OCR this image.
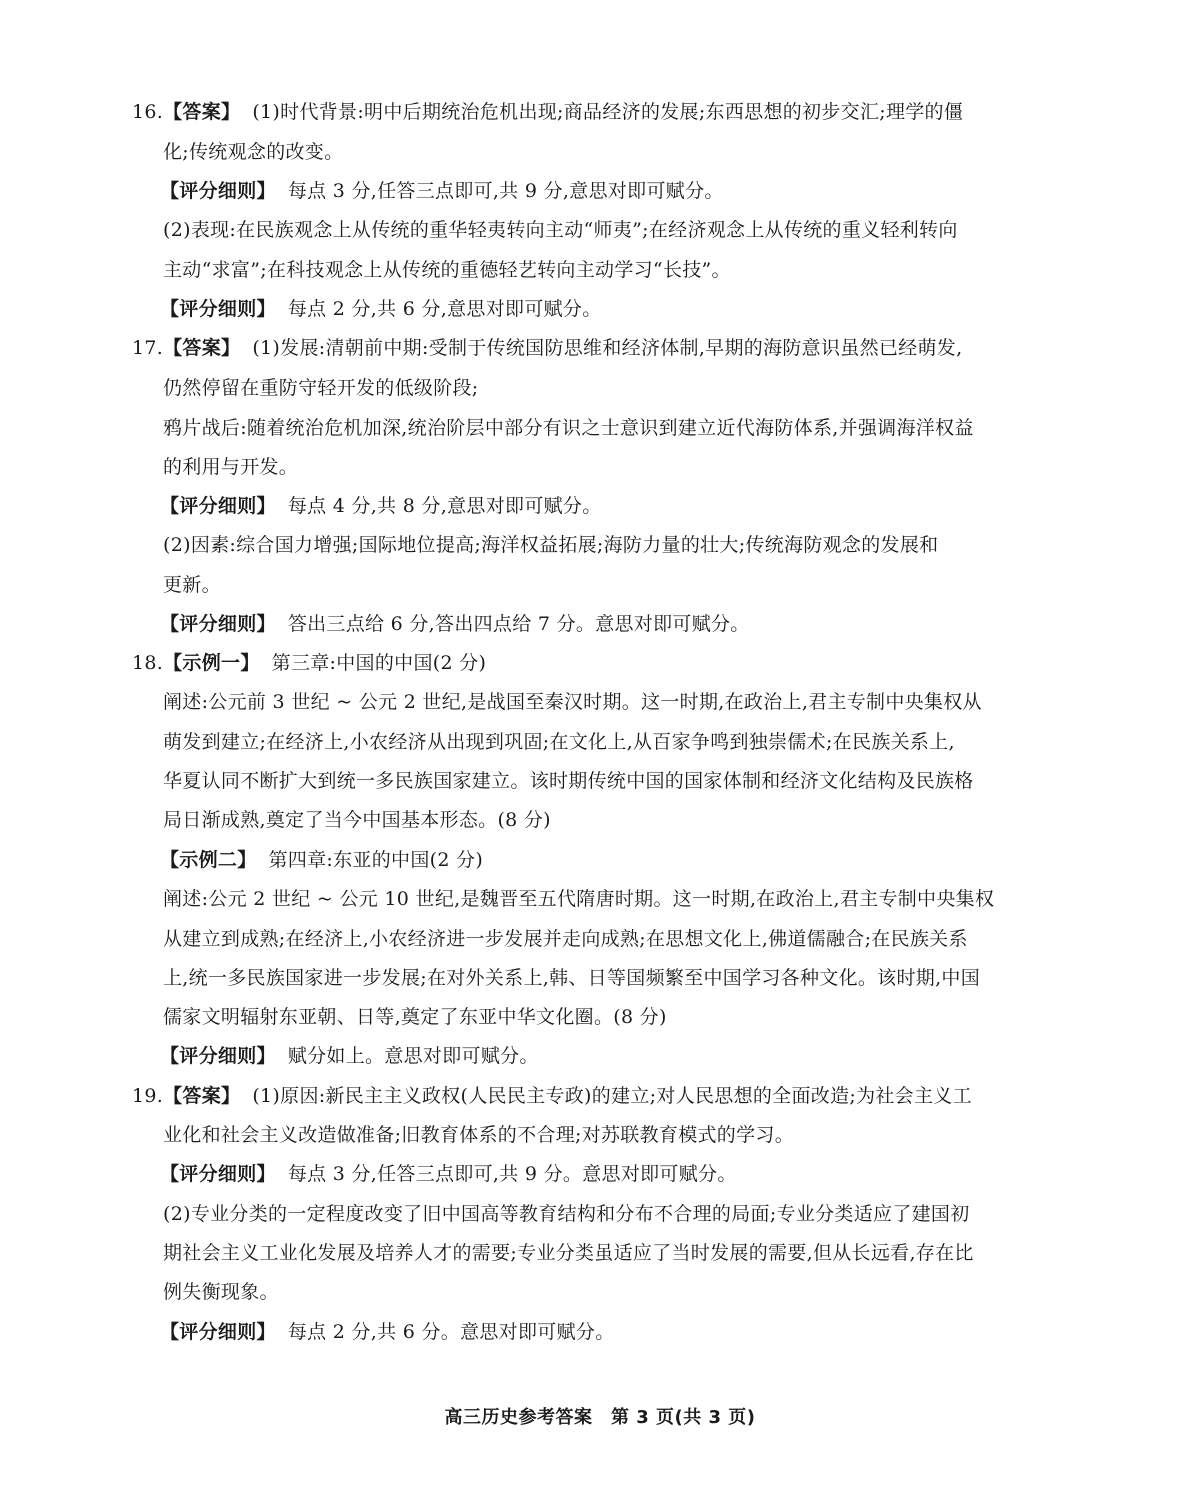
16.【答案】 (1)时代背景:明中后期统治危机出现;商品经济的发展;东西思想的初步交汇;理学的僵
化;传统观念的改变。
【评分细则】 每点 3 分,任答三点即可,共 9 分,意思对即可赋分。
(2)表现:在民族观念上从传统的重华轻夷转向主动“师夷”;在经济观念上从传统的重义轻利转向
主动“求富”;在科技观念上从传统的重德轻艺转向主动学习“长技”。
【评分细则】 每点 2 分,共 6 分,意思对即可赋分。
17.【答案】 (1)发展:清朝前中期:受制于传统国防思维和经济体制,早期的海防意识虽然已经萌发,
仍然停留在重防守轻开发的低级阶段;
鸦片战后:随着统治危机加深,统治阶层中部分有识之士意识到建立近代海防体系,并强调海洋权益
的利用与开发。
【评分细则】 每点 4 分,共 8 分,意思对即可赋分。
(2)因素:综合国力增强;国际地位提高;海洋权益拓展;海防力量的壮大;传统海防观念的发展和
更新。
【评分细则】 答出三点给 6 分,答出四点给 7 分。意思对即可赋分。
18.【示例一】 第三章:中国的中国(2 分)
阐述:公元前 3 世纪 ~ 公元 2 世纪,是战国至秦汉时期。这一时期,在政治上,君主专制中央集权从
萌发到建立;在经济上,小农经济从出现到巩固;在文化上,从百家争鸣到独崇儒术;在民族关系上,
华夏认同不断扩大到统一多民族国家建立。该时期传统中国的国家体制和经济文化结构及民族格
局日渐成熟,奠定了当今中国基本形态。(8 分)
【示例二】 第四章:东亚的中国(2 分)
阐述:公元 2 世纪 ~ 公元 10 世纪,是魏晋至五代隋唐时期。这一时期,在政治上,君主专制中央集权
从建立到成熟;在经济上,小农经济进一步发展并走向成熟;在思想文化上,佛道儒融合;在民族关系
上,统一多民族国家进一步发展;在对外关系上,韩、日等国频繁至中国学习各种文化。该时期,中国
儒家文明辐射东亚朝、日等,奠定了东亚中华文化圈。(8 分)
【评分细则】 赋分如上。意思对即可赋分。
19.【答案】 (1)原因:新民主主义政权(人民民主专政)的建立;对人民思想的全面改造;为社会主义工
业化和社会主义改造做准备;旧教育体系的不合理;对苏联教育模式的学习。
【评分细则】 每点 3 分,任答三点即可,共 9 分。意思对即可赋分。
(2)专业分类的一定程度改变了旧中国高等教育结构和分布不合理的局面;专业分类适应了建国初
期社会主义工业化发展及培养人才的需要;专业分类虽适应了当时发展的需要,但从长远看,存在比
例失衡现象。
【评分细则】 每点 2 分,共 6 分。意思对即可赋分。
高三历史参考答案　第 3 页(共 3 页)
